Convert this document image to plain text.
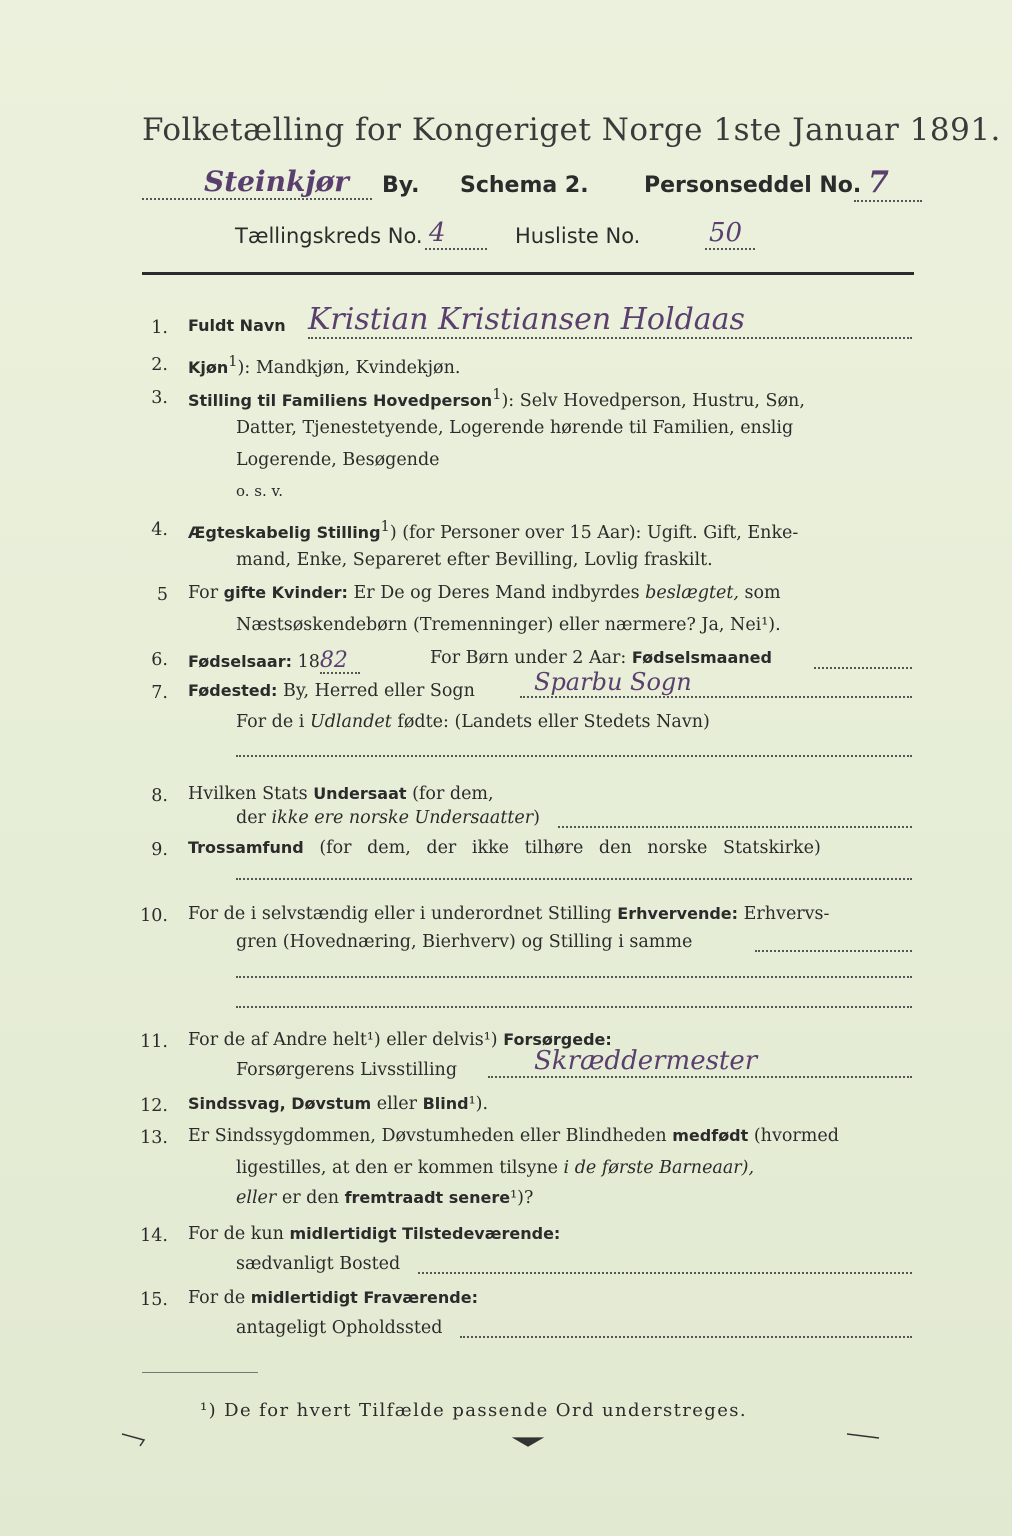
Folketælling for Kongeriget Norge 1ste Januar 1891.
Steinkjør	By. Schema 2.	Personseddel No. 7
Tællingskreds No. 4	Husliste No.	50
1. Fuldt Navn Kristian Kristiansen Holdaas
2. Kjøn$^1$): Mandkjøn, Kvindekjøn.
3. Stilling til Familiens Hovedperson$^1$): Selv Hovedperson, Hustru, Søn,
Datter, Tjenestetyende, Logerende hørende til Familien, enslig
Logerende, Besøgende
o. s. v.
4. Ægteskabelig Stilling$^1$) (for Personer over 15 Aar): Ugift. Gift, Enke-
mand, Enke, Separeret efter Bevilling, Lovlig fraskilt.
5 For gifte Kvinder: Er De og Deres Mand indbyrdes beslægtet, som
Næstsøskendebørn (Tremenninger) eller nærmere? Ja, Nei¹).
6. Fødselsaar: 1882	For Børn under 2 Aar: Fødselsmaaned
7. Fødested: By, Herred eller Sogn	Sparbu Sogn
For de i Udlandet fødte: (Landets eller Stedets Navn)
8. Hvilken Stats Undersaat (for dem,
der ikke ere norske Undersaatter)
9. Trossamfund (for dem, der ikke tilhøre den norske Statskirke)
10. For de i selvstændig eller i underordnet Stilling Erhvervende: Erhvervs-
gren (Hovednæring, Bierhverv) og Stilling i samme
11. For de af Andre helt¹) eller delvis¹) Forsørgede:
Forsørgerens Livsstilling	Skræddermester
12. Sindssvag, Døvstum eller Blind¹).
13. Er Sindssygdommen, Døvstumheden eller Blindheden medfødt (hvormed
ligestilles, at den er kommen tilsyne i de første Barneaar),
eller er den fremtraadt senere¹)?
14. For de kun midlertidigt Tilstedeværende:
sædvanligt Bosted
15. For de midlertidigt Fraværende:
antageligt Opholdssted
¹) De for hvert Tilfælde passende Ord understreges.
